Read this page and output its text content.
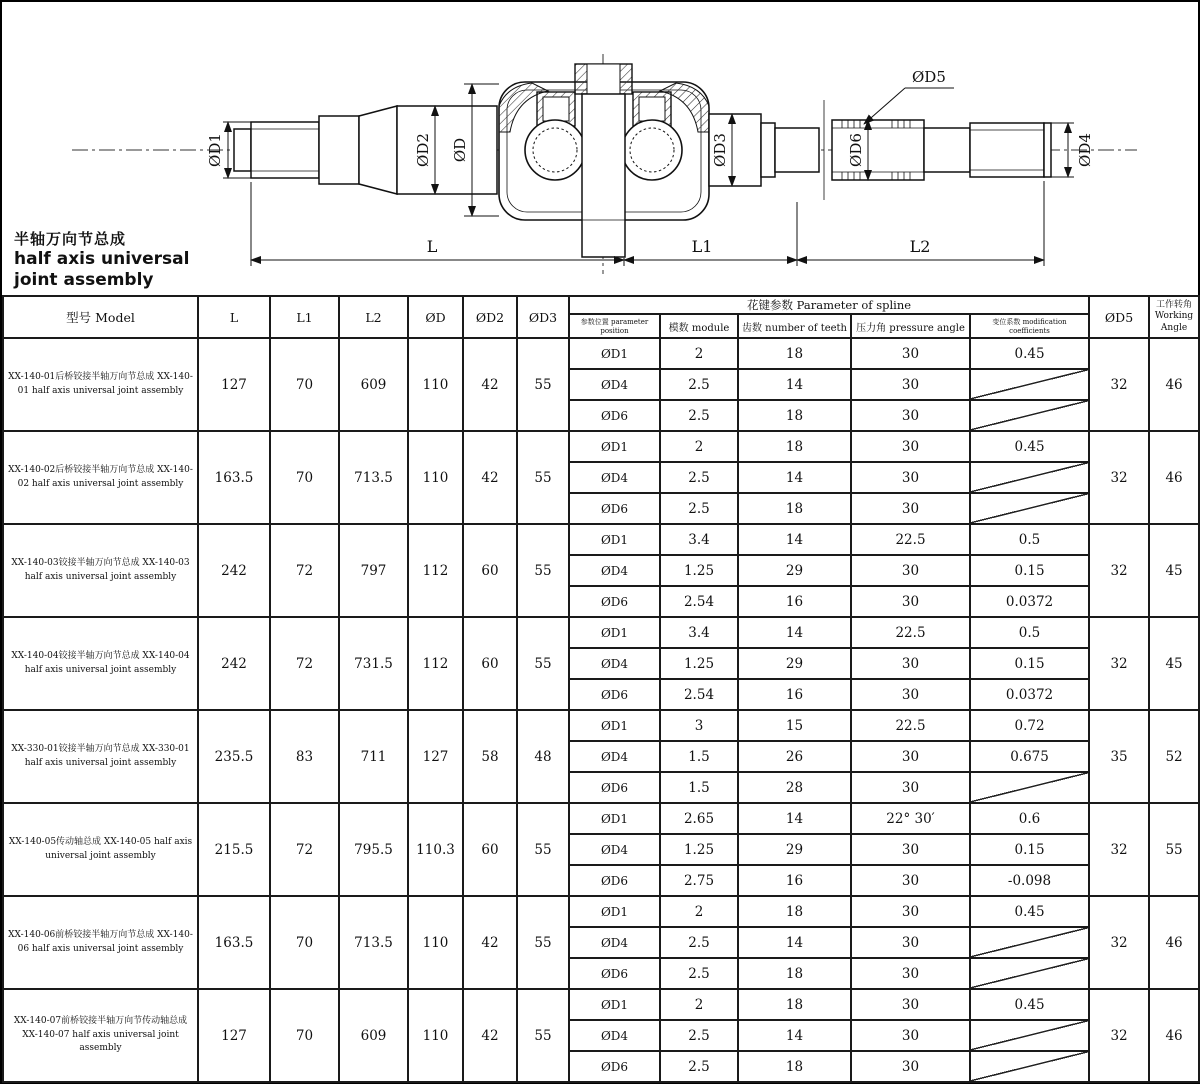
ØD1	ØD2 ØD
ØD5
ØD3	ØD6	ØD4
L	L1	L2
半轴万向节总成
half axis universal
joint assembly
型号 Model	L	L1	L2	ØD	ØD2	ØD3	花键参数 Parameter of spline					ØD5	工作转角
Working Angle

							参数位置 parameter position	模数 module	齿数 number of teeth	压力角 pressure angle	变位系数 modification coefficients		
XX-140-01后桥铰接半轴万向节总成 XX-140-01 half axis universal joint assembly	127	70	609	110	42	55	ØD1	2	18	30	0.45	32	46
							ØD4	2.5	14	30			
							ØD6	2.5	18	30			
XX-140-02后桥铰接半轴万向节总成 XX-140-02 half axis universal joint assembly	163.5	70	713.5	110	42	55	ØD1	2	18	30	0.45	32	46
							ØD4	2.5	14	30			
							ØD6	2.5	18	30			
XX-140-03铰接半轴万向节总成 XX-140-03 half axis universal joint assembly	242	72	797	112	60	55	ØD1	3.4	14	22.5	0.5	32	45
							ØD4	1.25	29	30	0.15		
							ØD6	2.54	16	30	0.0372		
XX-140-04铰接半轴万向节总成 XX-140-04 half axis universal joint assembly	242	72	731.5	112	60	55	ØD1	3.4	14	22.5	0.5	32	45
							ØD4	1.25	29	30	0.15		
							ØD6	2.54	16	30	0.0372		
XX-330-01铰接半轴万向节总成 XX-330-01 half axis universal joint assembly	235.5	83	711	127	58	48	ØD1	3	15	22.5	0.72	35	52
							ØD4	1.5	26	30	0.675		
							ØD6	1.5	28	30			
XX-140-05传动轴总成 XX-140-05 half axis universal joint assembly	215.5	72	795.5	110.3	60	55	ØD1	2.65	14	22° 30′	0.6	32	55
							ØD4	1.25	29	30	0.15		
							ØD6	2.75	16	30	-0.098		
XX-140-06前桥铰接半轴万向节总成 XX-140-06 half axis universal joint assembly	163.5	70	713.5	110	42	55	ØD1	2	18	30	0.45	32	46
							ØD4	2.5	14	30			
							ØD6	2.5	18	30			
XX-140-07前桥铰接半轴万向节传动轴总成 XX-140-07 half axis universal joint assembly	127	70	609	110	42	55	ØD1	2	18	30	0.45	32	46
							ØD4	2.5	14	30			
							ØD6	2.5	18	30			
